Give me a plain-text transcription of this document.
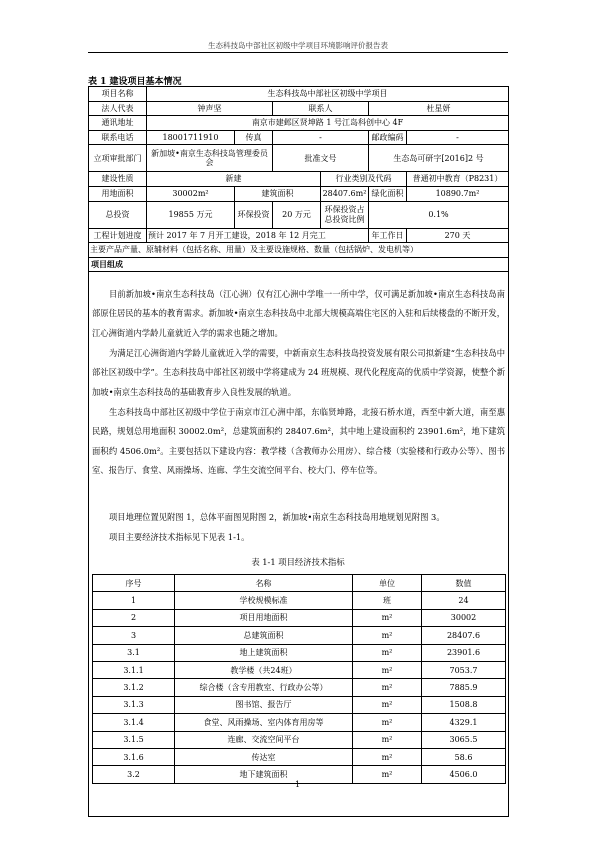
生态科技岛中部社区初级中学项目环境影响评价报告表
表 1 建设项目基本情况
项目名称	生态科技岛中部社区初级中学项目					
法人代表	钟声坚		联系人		杜星妍	
通讯地址	南京市建邺区贤坤路 1 号江岛科创中心 4F					
联系电话	18001711910	传真	-		邮政编码	-
立项审批部门	新加坡•南京生态科技岛管理委员会		批准文号		生态岛可研字[2016]2 号	
建设性质	新建			行业类别及代码		普通初中教育（P8231）
用地面积	30002m²	建筑面积		28407.6m²	绿化面积	10890.7m²
总投资	19855 万元	环保投资	20 万元	环保投资占总投资比例	0.1%	
工程计划进度	预计 2017 年 7 月开工建设，2018 年 12 月完工				年工作日	270 天
主要产品产量、原辅材料（包括名称、用量）及主要设施规格、数量（包括锅炉、发电机等）						
项目组成						

目前新加坡•南京生态科技岛（江心洲）仅有江心洲中学唯一一所中学，仅可满足新加坡•南京生态科技岛南部原住居民的基本的教育需求。新加坡•南京生态科技岛中北部大规模高端住宅区的入驻和后续楼盘的不断开发，江心洲街道内学龄儿童就近入学的需求也随之增加。

为满足江心洲街道内学龄儿童就近入学的需要，中新南京生态科技岛投资发展有限公司拟新建“生态科技岛中部社区初级中学”。生态科技岛中部社区初级中学将建成为 24 班规模、现代化程度高的优质中学资源，使整个新加坡•南京生态科技岛的基础教育步入良性发展的轨道。

生态科技岛中部社区初级中学位于南京市江心洲中部，东临贤坤路，北接石桥水道，西至中新大道，南至惠民路，规划总用地面积 30002.0m²，总建筑面积约 28407.6m²，其中地上建设面积约 23901.6m²，地下建筑面积约 4506.0m²。主要包括以下建设内容：教学楼（含教师办公用房）、综合楼（实验楼和行政办公等）、图书室、报告厅、食堂、风雨操场、连廊、学生交流空间平台、校大门、停车位等。

项目地理位置见附图 1，总体平面图见附图 2，新加坡•南京生态科技岛用地规划见附图 3。

项目主要经济技术指标见下见表 1-1。

表 1-1 项目经济技术指标
序号	名称	单位	数值
1	学校规模标准	班	24
2	项目用地面积	m²	30002
3	总建筑面积	m²	28407.6
3.1	地上建筑面积	m²	23901.6
3.1.1	教学楼（共24班）	m²	7053.7
3.1.2	综合楼（含专用教室、行政办公等）	m²	7885.9
3.1.3	图书馆、报告厅	m²	1508.8
3.1.4	食堂、风雨操场、室内体育用房等	m²	4329.1
3.1.5	连廊、交流空间平台	m²	3065.5
3.1.6	传达室	m²	58.6
3.2	地下建筑面积	m²	4506.0
1
